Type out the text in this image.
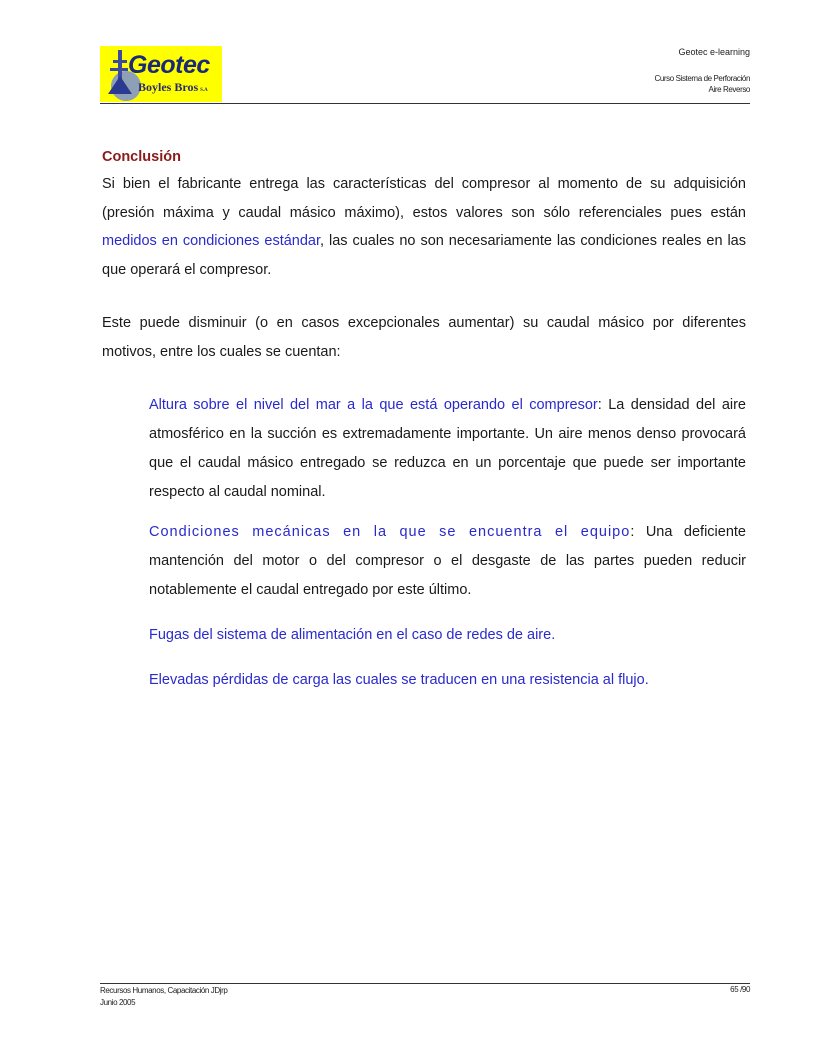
Geotec
Boyles Bros S.A
Geotec e-learning
Curso Sistema de Perforación
Aire Reverso
Conclusión

Si bien el fabricante entrega las características del compresor al momento de su adquisición (presión máxima y caudal másico máximo), estos valores son sólo referenciales pues están medidos en condiciones estándar, las cuales no son necesariamente las condiciones reales en las que operará el compresor.

Este puede disminuir (o en casos excepcionales aumentar) su caudal másico por diferentes motivos, entre los cuales se cuentan:

Altura sobre el nivel del mar a la que está operando el compresor: La densidad del aire atmosférico en la succión es extremadamente importante. Un aire menos denso provocará que el caudal másico entregado se reduzca en un porcentaje que puede ser importante respecto al caudal nominal.

Condiciones mecánicas en la que se encuentra el equipo: Una deficiente mantención del motor o del compresor o el desgaste de las partes pueden reducir notablemente el caudal entregado por este último.

Fugas del sistema de alimentación en el caso de redes de aire.

Elevadas pérdidas de carga las cuales se traducen en una resistencia al flujo.

Recursos Humanos, Capacitación JDjrp
Junio 2005
65 /90
